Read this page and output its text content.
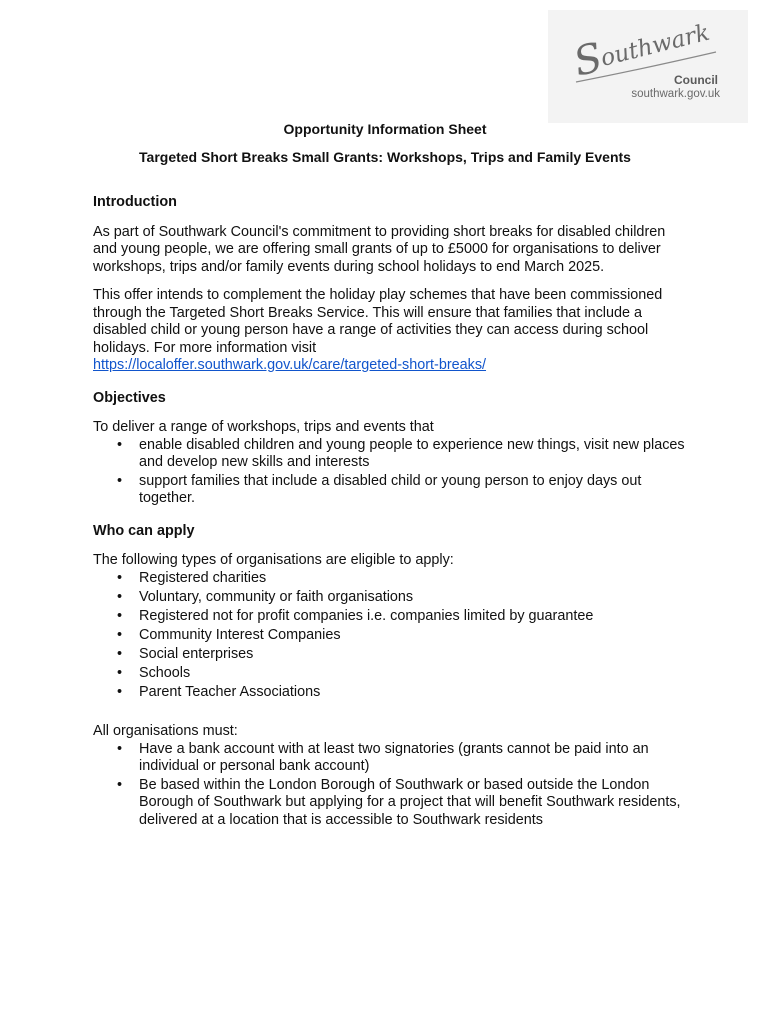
S
outhwark
Council
southwark.gov.uk
Opportunity Information Sheet
Targeted Short Breaks Small Grants: Workshops, Trips and Family Events
Introduction

As part of Southwark Council's commitment to providing short breaks for disabled children and young people, we are offering small grants of up to £5000 for organisations to deliver workshops, trips and/or family events during school holidays to end March 2025.

This offer intends to complement the holiday play schemes that have been commissioned through the Targeted Short Breaks Service. This will ensure that families that include a disabled child or young person have a range of activities they can access during school holidays. For more information visit
https://localoffer.southwark.gov.uk/care/targeted-short-breaks/

Objectives

To deliver a range of workshops, trips and events that

• enable disabled children and young people to experience new things, visit new places and develop new skills and interests
• support families that include a disabled child or young person to enjoy days out together.
Who can apply

The following types of organisations are eligible to apply:

• Registered charities
• Voluntary, community or faith organisations
• Registered not for profit companies i.e. companies limited by guarantee
• Community Interest Companies
• Social enterprises
• Schools
• Parent Teacher Associations

All organisations must:

• Have a bank account with at least two signatories (grants cannot be paid into an individual or personal bank account)
• Be based within the London Borough of Southwark or based outside the London Borough of Southwark but applying for a project that will benefit Southwark residents, delivered at a location that is accessible to Southwark residents
